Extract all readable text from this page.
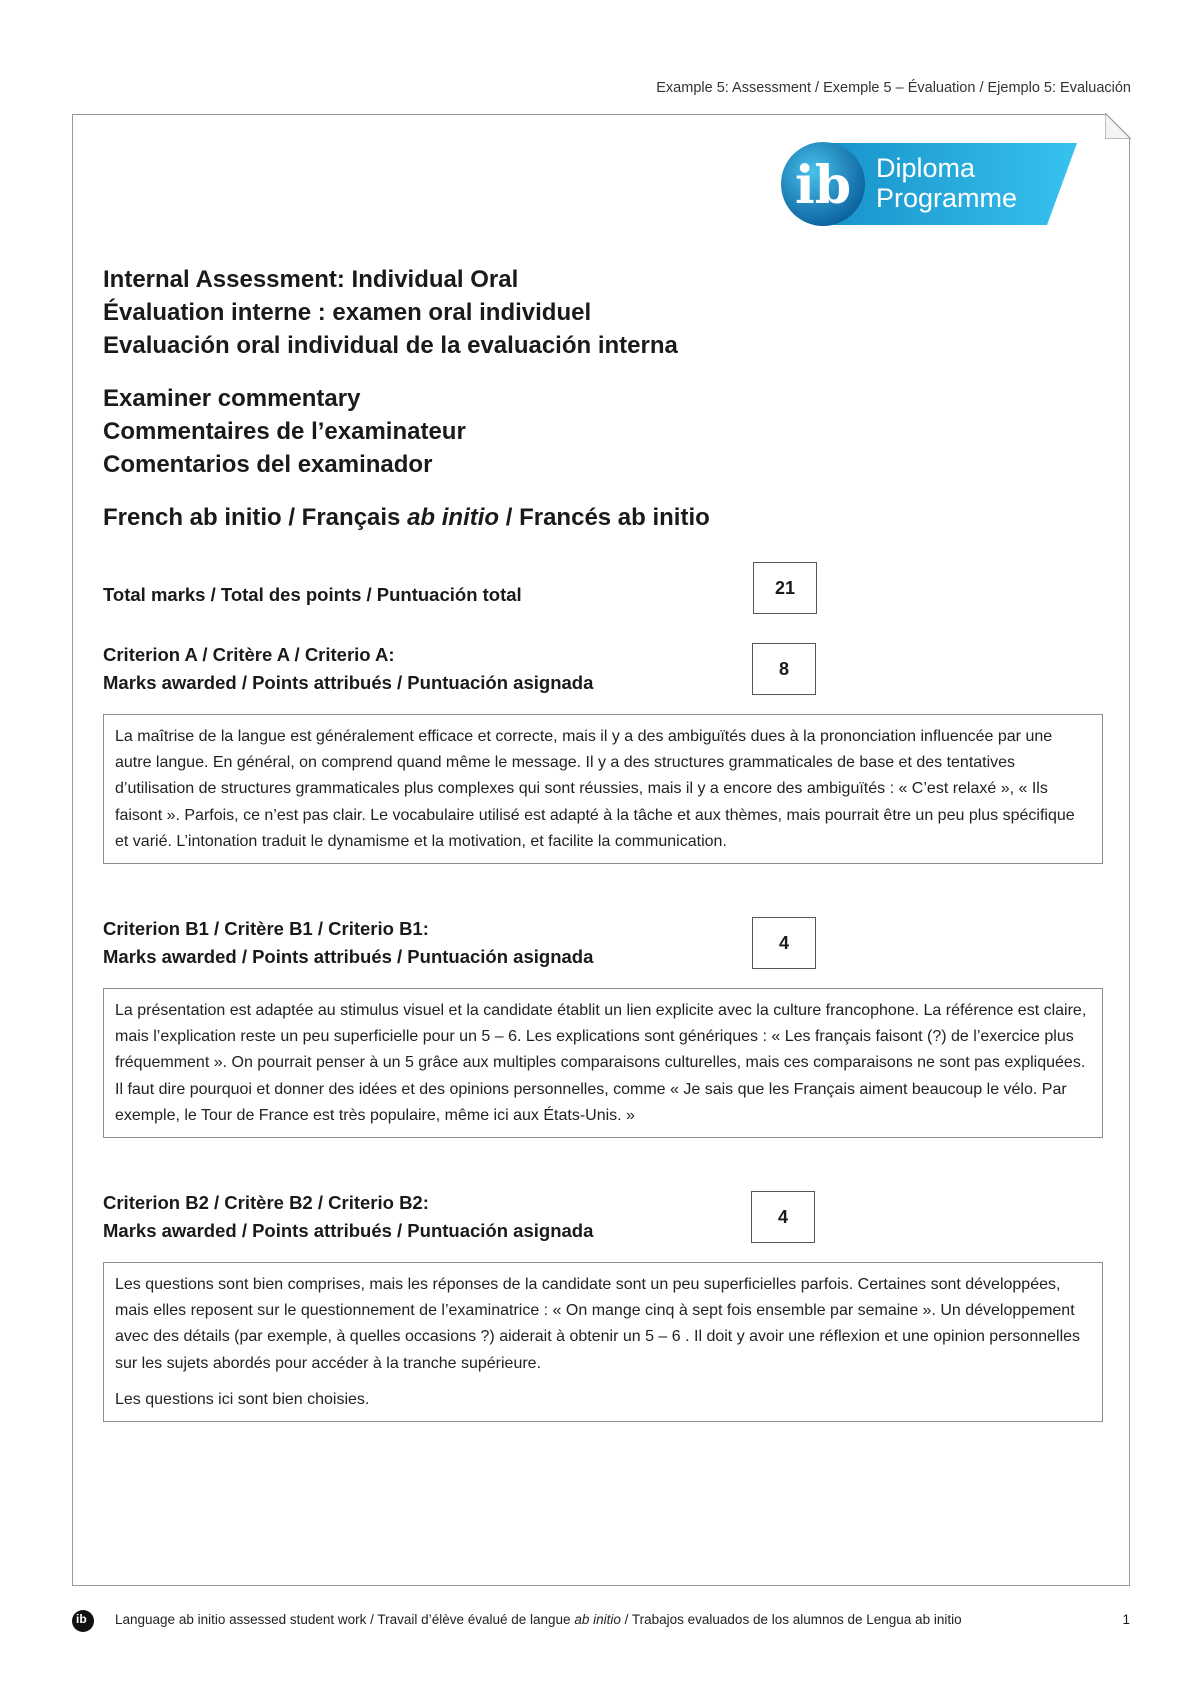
Example 5: Assessment / Exemple 5 – Évaluation / Ejemplo 5: Evaluación
ib Diploma
Programme
Internal Assessment: Individual Oral
Évaluation interne : examen oral individuel
Evaluación oral individual de la evaluación interna
Examiner commentary
Commentaires de l’examinateur
Comentarios del examinador
French ab initio / Français ab initio / Francés ab initio
Total marks / Total des points / Puntuación total	21
Criterion A / Critère A / Criterio A:
Marks awarded / Points attribués / Puntuación asignada
8

La maîtrise de la langue est généralement efficace et correcte, mais il y a des ambiguïtés dues à la prononciation influencée par une autre langue. En général, on comprend quand même le message. Il y a des structures grammaticales de base et des tentatives d’utilisation de structures grammaticales plus complexes qui sont réussies, mais il y a encore des ambiguïtés : « C’est relaxé », « Ils faisont ». Parfois, ce n’est pas clair. Le vocabulaire utilisé est adapté à la tâche et aux thèmes, mais pourrait être un peu plus spécifique et varié. L’intonation traduit le dynamisme et la motivation, et facilite la communication.

Criterion B1 / Critère B1 / Criterio B1:
Marks awarded / Points attribués / Puntuación asignada
4

La présentation est adaptée au stimulus visuel et la candidate établit un lien explicite avec la culture francophone. La référence est claire, mais l’explication reste un peu superficielle pour un 5 – 6. Les explications sont génériques : « Les français faisont (?) de l’exercice plus fréquemment ». On pourrait penser à un 5 grâce aux multiples comparaisons culturelles, mais ces comparaisons ne sont pas expliquées. Il faut dire pourquoi et donner des idées et des opinions personnelles, comme « Je sais que les Français aiment beaucoup le vélo. Par exemple, le Tour de France est très populaire, même ici aux États-Unis. »

Criterion B2 / Critère B2 / Criterio B2:
Marks awarded / Points attribués / Puntuación asignada
4

Les questions sont bien comprises, mais les réponses de la candidate sont un peu superficielles parfois. Certaines sont développées, mais elles reposent sur le questionnement de l’examinatrice : « On mange cinq à sept fois ensemble par semaine ». Un développement avec des détails (par exemple, à quelles occasions ?) aiderait à obtenir un 5 – 6 . Il doit y avoir une réflexion et une opinion personnelles sur les sujets abordés pour accéder à la tranche supérieure.

Les questions ici sont bien choisies.

ib Language ab initio assessed student work / Travail d’élève évalué de langue ab initio / Trabajos evaluados de los alumnos de Lengua ab initio	1
